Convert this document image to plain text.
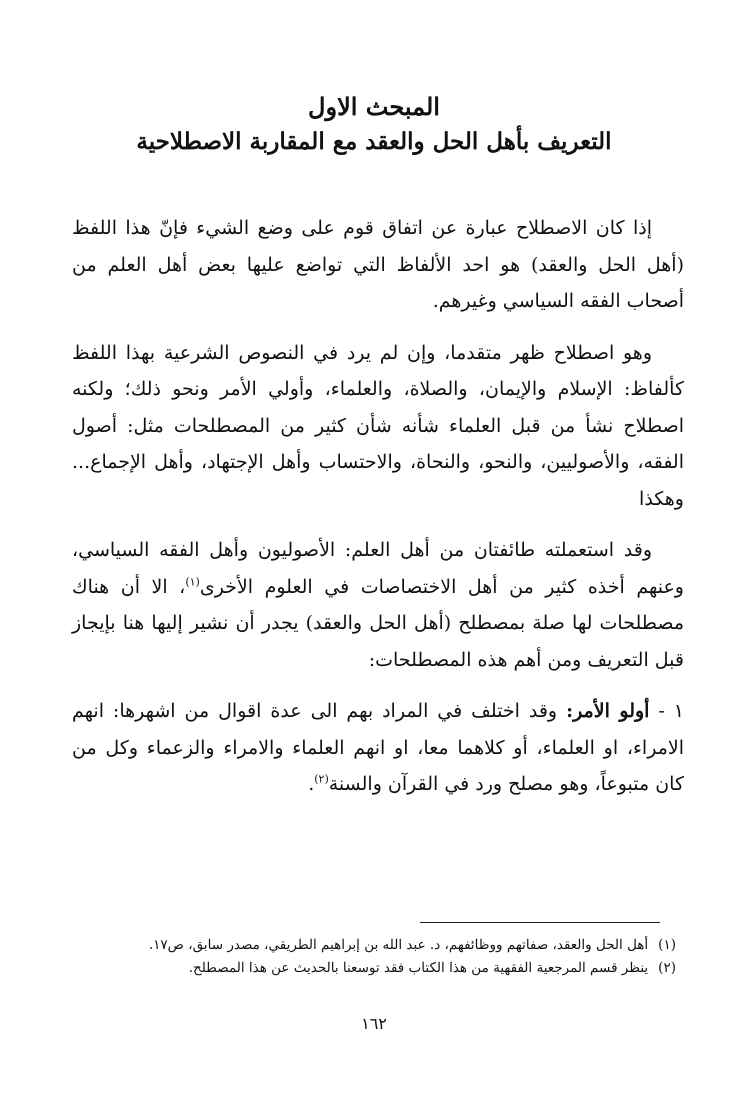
المبحث الاول
التعريف بأهل الحل والعقد مع المقاربة الاصطلاحية

إذا كان الاصطلاح عبارة عن اتفاق قوم على وضع الشيء فإنّ هذا اللفظ (أهل الحل والعقد) هو احد الألفاظ التي تواضع عليها بعض أهل العلم من أصحاب الفقه السياسي وغيرهم.

وهو اصطلاح ظهر متقدما، وإن لم يرد في النصوص الشرعية بهذا اللفظ كألفاظ: الإسلام والإيمان، والصلاة، والعلماء، وأولي الأمر ونحو ذلك؛ ولكنه اصطلاح نشأ من قبل العلماء شأنه شأن كثير من المصطلحات مثل: أصول الفقه، والأصوليين، والنحو، والنحاة، والاحتساب وأهل الإجتهاد، وأهل الإجماع... وهكذا

وقد استعملته طائفتان من أهل العلم: الأصوليون وأهل الفقه السياسي، وعنهم أخذه كثير من أهل الاختصاصات في العلوم الأخرى$^{(١)}$، الا أن هناك مصطلحات لها صلة بمصطلح (أهل الحل والعقد) يجدر أن نشير إليها هنا بإيجاز قبل التعريف ومن أهم هذه المصطلحات:

١ - أولو الأمر: وقد اختلف في المراد بهم الى عدة اقوال من اشهرها: انهم الامراء، او العلماء، أو كلاهما معا، او انهم العلماء والامراء والزعماء وكل من كان متبوعاً، وهو مصلح ورد في القرآن والسنة$^{(٢)}$.

(١)
أهل الحل والعقد، صفاتهم ووظائفهم، د. عبد الله بن إبراهيم الطريقي، مصدر سابق، ص١٧.
(٢)
ينظر قسم المرجعية الفقهية من هذا الكتاب فقد توسعنا بالحديث عن هذا المصطلح.
١٦٢
